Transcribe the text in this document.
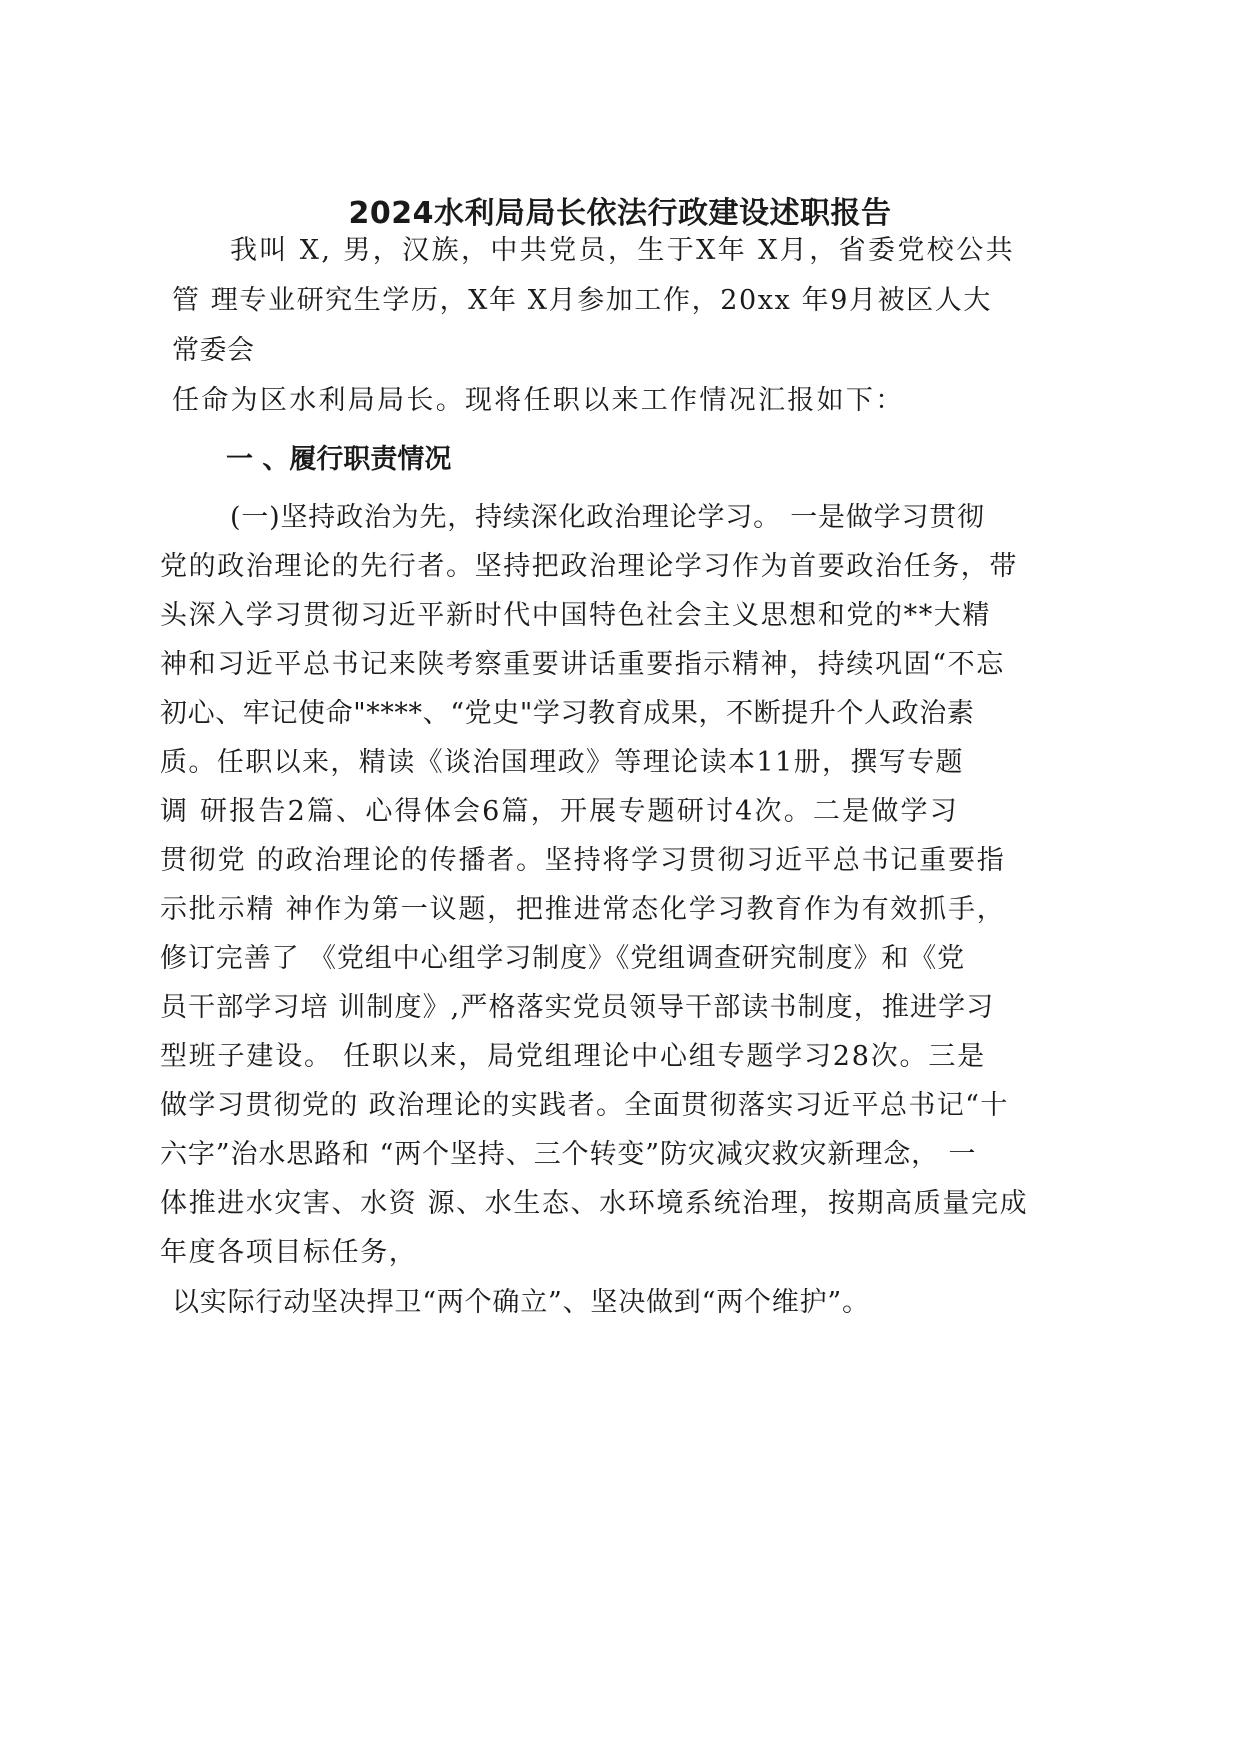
2024水利局局长依法行政建设述职报告
我叫 X, 男，汉族，中共党员，生于X年 X月，省委党校公共
管 理专业研究生学历，X年 X月参加工作，20xx 年9月被区人大
常委会
任命为区水利局局长。现将任职以来工作情况汇报如下：
一 、履行职责情况
(一)坚持政治为先，持续深化政治理论学习。 一是做学习贯彻
党的政治理论的先行者。坚持把政治理论学习作为首要政治任务，带
头深入学习贯彻习近平新时代中国特色社会主义思想和党的**大精
神和习近平总书记来陕考察重要讲话重要指示精神，持续巩固“不忘
初心、牢记使命"****、“党史"学习教育成果，不断提升个人政治素
质。任职以来，精读《谈治国理政》等理论读本11册，撰写专题
调 研报告2篇、心得体会6篇，开展专题研讨4次。二是做学习
贯彻党 的政治理论的传播者。坚持将学习贯彻习近平总书记重要指
示批示精 神作为第一议题，把推进常态化学习教育作为有效抓手，
修订完善了 《党组中心组学习制度》《党组调查研究制度》和《党
员干部学习培 训制度》,严格落实党员领导干部读书制度，推进学习
型班子建设。 任职以来，局党组理论中心组专题学习28次。三是
做学习贯彻党的 政治理论的实践者。全面贯彻落实习近平总书记“十
六字”治水思路和 “两个坚持、三个转变”防灾减灾救灾新理念， 一
体推进水灾害、水资 源、水生态、水环境系统治理，按期高质量完成
年度各项目标任务，
以实际行动坚决捍卫“两个确立”、坚决做到“两个维护”。
